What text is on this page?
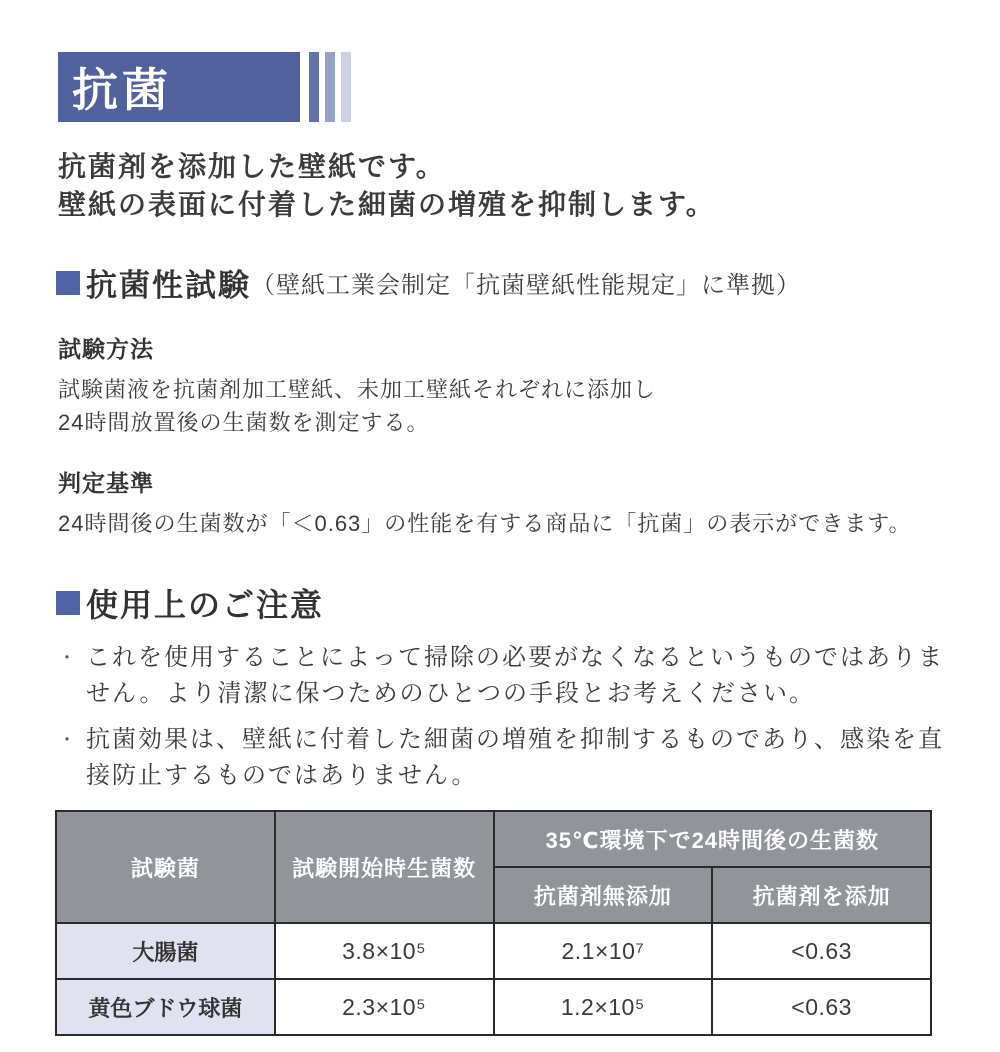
抗菌

抗菌剤を添加した壁紙です。
壁紙の表面に付着した細菌の増殖を抑制します。

抗菌性試験 （壁紙工業会制定「抗菌壁紙性能規定」に準拠）
試験方法

試験菌液を抗菌剤加工壁紙、未加工壁紙それぞれに添加し
24時間放置後の生菌数を測定する。

判定基準

24時間後の生菌数が「＜0.63」の性能を有する商品に「抗菌」の表示ができます。

使用上のご注意
・ これを使用することによって掃除の必要がなくなるというものではありません。より清潔に保つためのひとつの手段とお考えください。
・ 抗菌効果は、壁紙に付着した細菌の増殖を抑制するものであり、感染を直接防止するものではありません。
試験菌	試験開始時生菌数	35℃環境下で24時間後の生菌数	
		抗菌剤無添加	抗菌剤を添加
大腸菌	3.8×10⁵	2.1×10⁷	<0.63
黄色ブドウ球菌	2.3×10⁵	1.2×10⁵	<0.63
